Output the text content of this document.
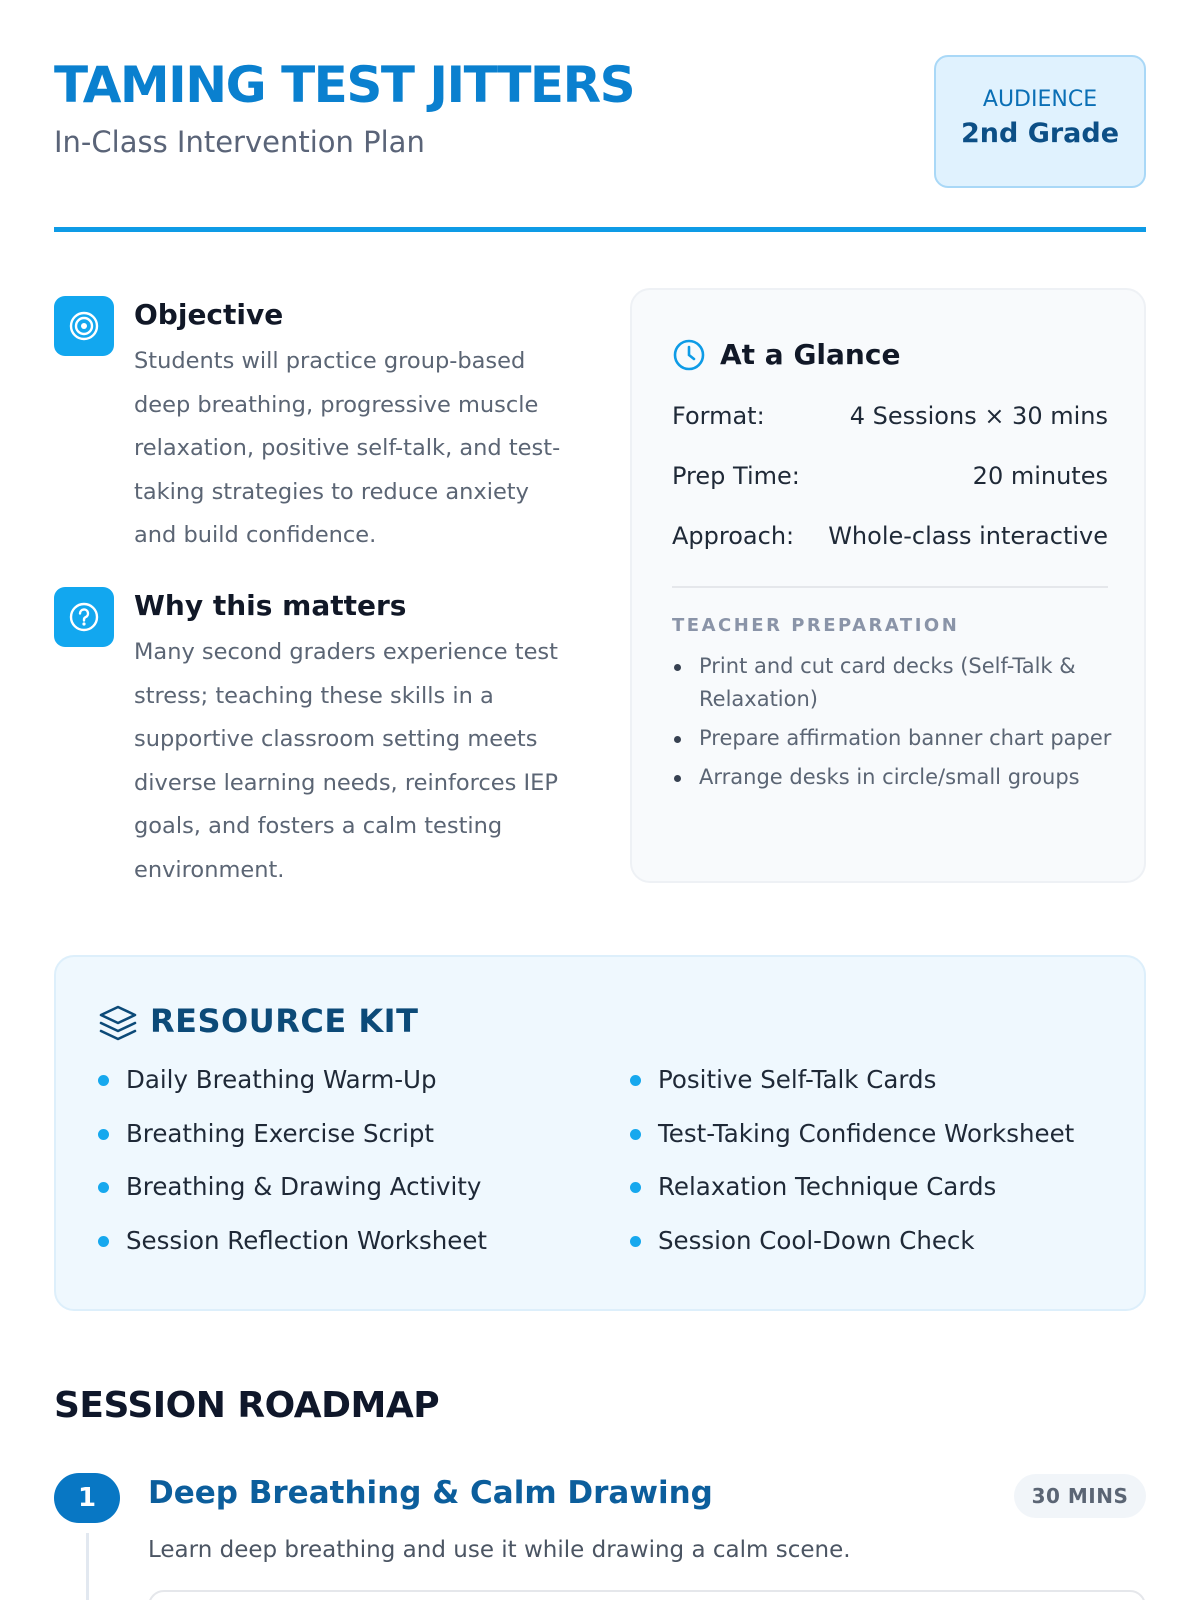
TAMING TEST JITTERS
In-Class Intervention Plan
AUDIENCE
2nd Grade
Objective
Students will practice group-based deep breathing, progressive muscle relaxation, positive self-talk, and test-taking strategies to reduce anxiety and build confidence.
Why this matters
Many second graders experience test stress; teaching these skills in a supportive classroom setting meets diverse learning needs, reinforces IEP goals, and fosters a calm testing environment.
At a Glance
Format:	4 Sessions × 30 mins
Prep Time:	20 minutes
Approach: Whole-class interactive
TEACHER PREPARATION
Print and cut card decks (Self-Talk & Relaxation)
Prepare affirmation banner chart paper
Arrange desks in circle/small groups
RESOURCE KIT
Daily Breathing Warm-Up
Breathing Exercise Script
Breathing & Drawing Activity
Session Reflection Worksheet
Positive Self-Talk Cards
Test-Taking Confidence Worksheet
Relaxation Technique Cards
Session Cool-Down Check
SESSION ROADMAP
1	Deep Breathing & Calm Drawing	30 MINS
Learn deep breathing and use it while drawing a calm scene.
